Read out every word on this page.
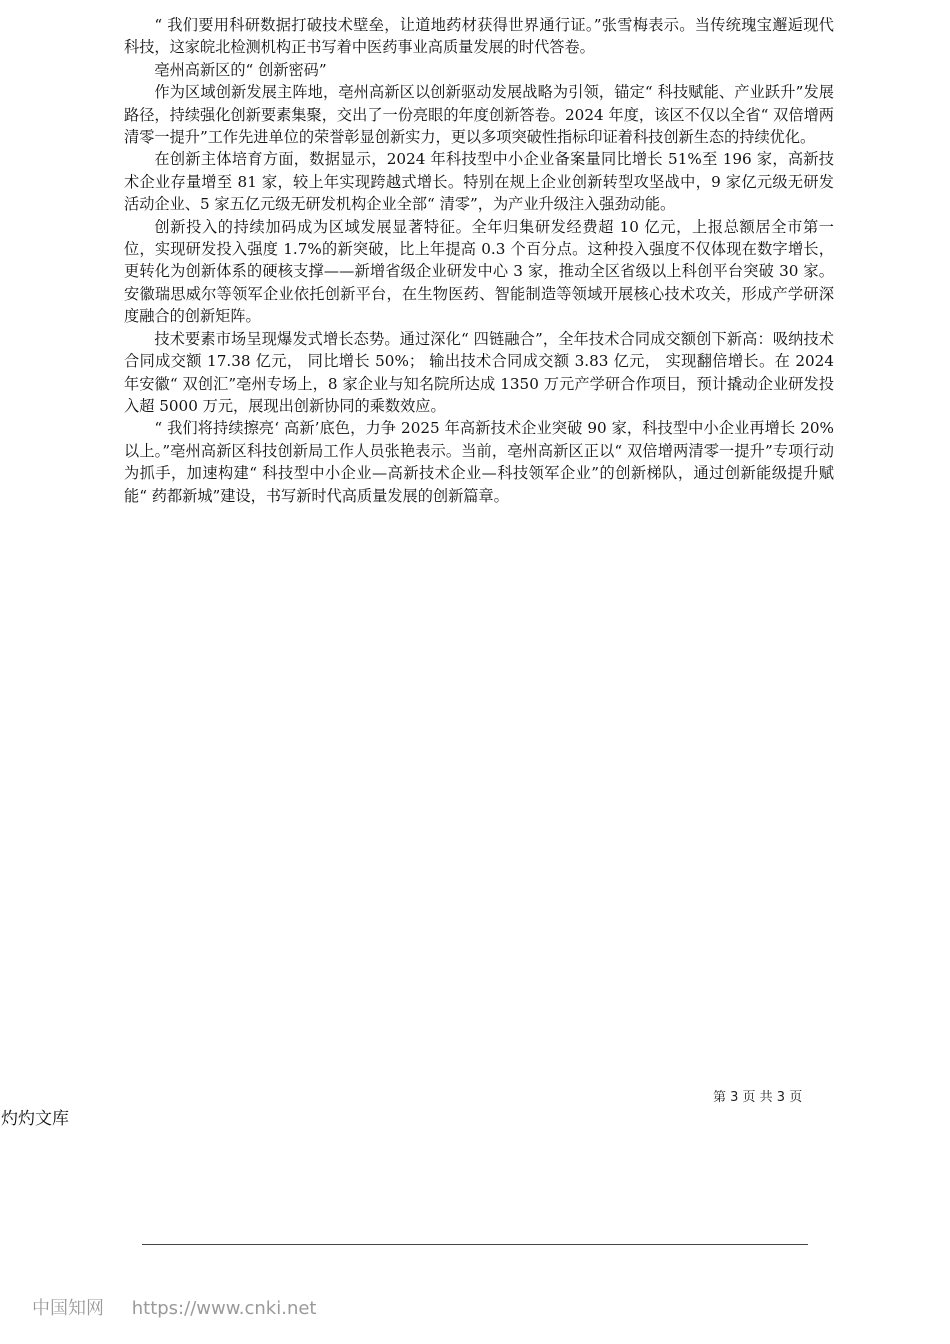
“ 我们要用科研数据打破技术壁垒，让道地药材获得世界通行证。”张雪梅表示。当传统瑰宝邂逅现代科技，这家皖北检测机构正书写着中医药事业高质量发展的时代答卷。

亳州高新区的“ 创新密码”

作为区域创新发展主阵地，亳州高新区以创新驱动发展战略为引领，锚定“ 科技赋能、产业跃升”发展路径，持续强化创新要素集聚，交出了一份亮眼的年度创新答卷。2024 年度，该区不仅以全省“ 双倍增两清零一提升”工作先进单位的荣誉彰显创新实力，更以多项突破性指标印证着科技创新生态的持续优化。

在创新主体培育方面，数据显示，2024 年科技型中小企业备案量同比增长 51%至 196 家，高新技术企业存量增至 81 家，较上年实现跨越式增长。特别在规上企业创新转型攻坚战中，9 家亿元级无研发活动企业、5 家五亿元级无研发机构企业全部“ 清零”，为产业升级注入强劲动能。

创新投入的持续加码成为区域发展显著特征。全年归集研发经费超 10 亿元，上报总额居全市第一位，实现研发投入强度 1.7%的新突破，比上年提高 0.3 个百分点。这种投入强度不仅体现在数字增长，更转化为创新体系的硬核支撑——新增省级企业研发中心 3 家，推动全区省级以上科创平台突破 30 家。安徽瑞思威尔等领军企业依托创新平台，在生物医药、智能制造等领域开展核心技术攻关，形成产学研深度融合的创新矩阵。

技术要素市场呈现爆发式增长态势。通过深化“ 四链融合”，全年技术合同成交额创下新高：吸纳技术合同成交额 17.38 亿元， 同比增长 50%； 输出技术合同成交额 3.83 亿元， 实现翻倍增长。在 2024 年安徽“ 双创汇”亳州专场上，8 家企业与知名院所达成 1350 万元产学研合作项目，预计撬动企业研发投入超 5000 万元，展现出创新协同的乘数效应。

“ 我们将持续擦亮‘ 高新’底色，力争 2025 年高新技术企业突破 90 家，科技型中小企业再增长 20%以上。”亳州高新区科技创新局工作人员张艳表示。当前，亳州高新区正以“ 双倍增两清零一提升”专项行动为抓手，加速构建“ 科技型中小企业—高新技术企业—科技领军企业”的创新梯队，通过创新能级提升赋能“ 药都新城”建设，书写新时代高质量发展的创新篇章。

第 3 页 共 3 页
灼灼文库
中国知网 https://www.cnki.net
